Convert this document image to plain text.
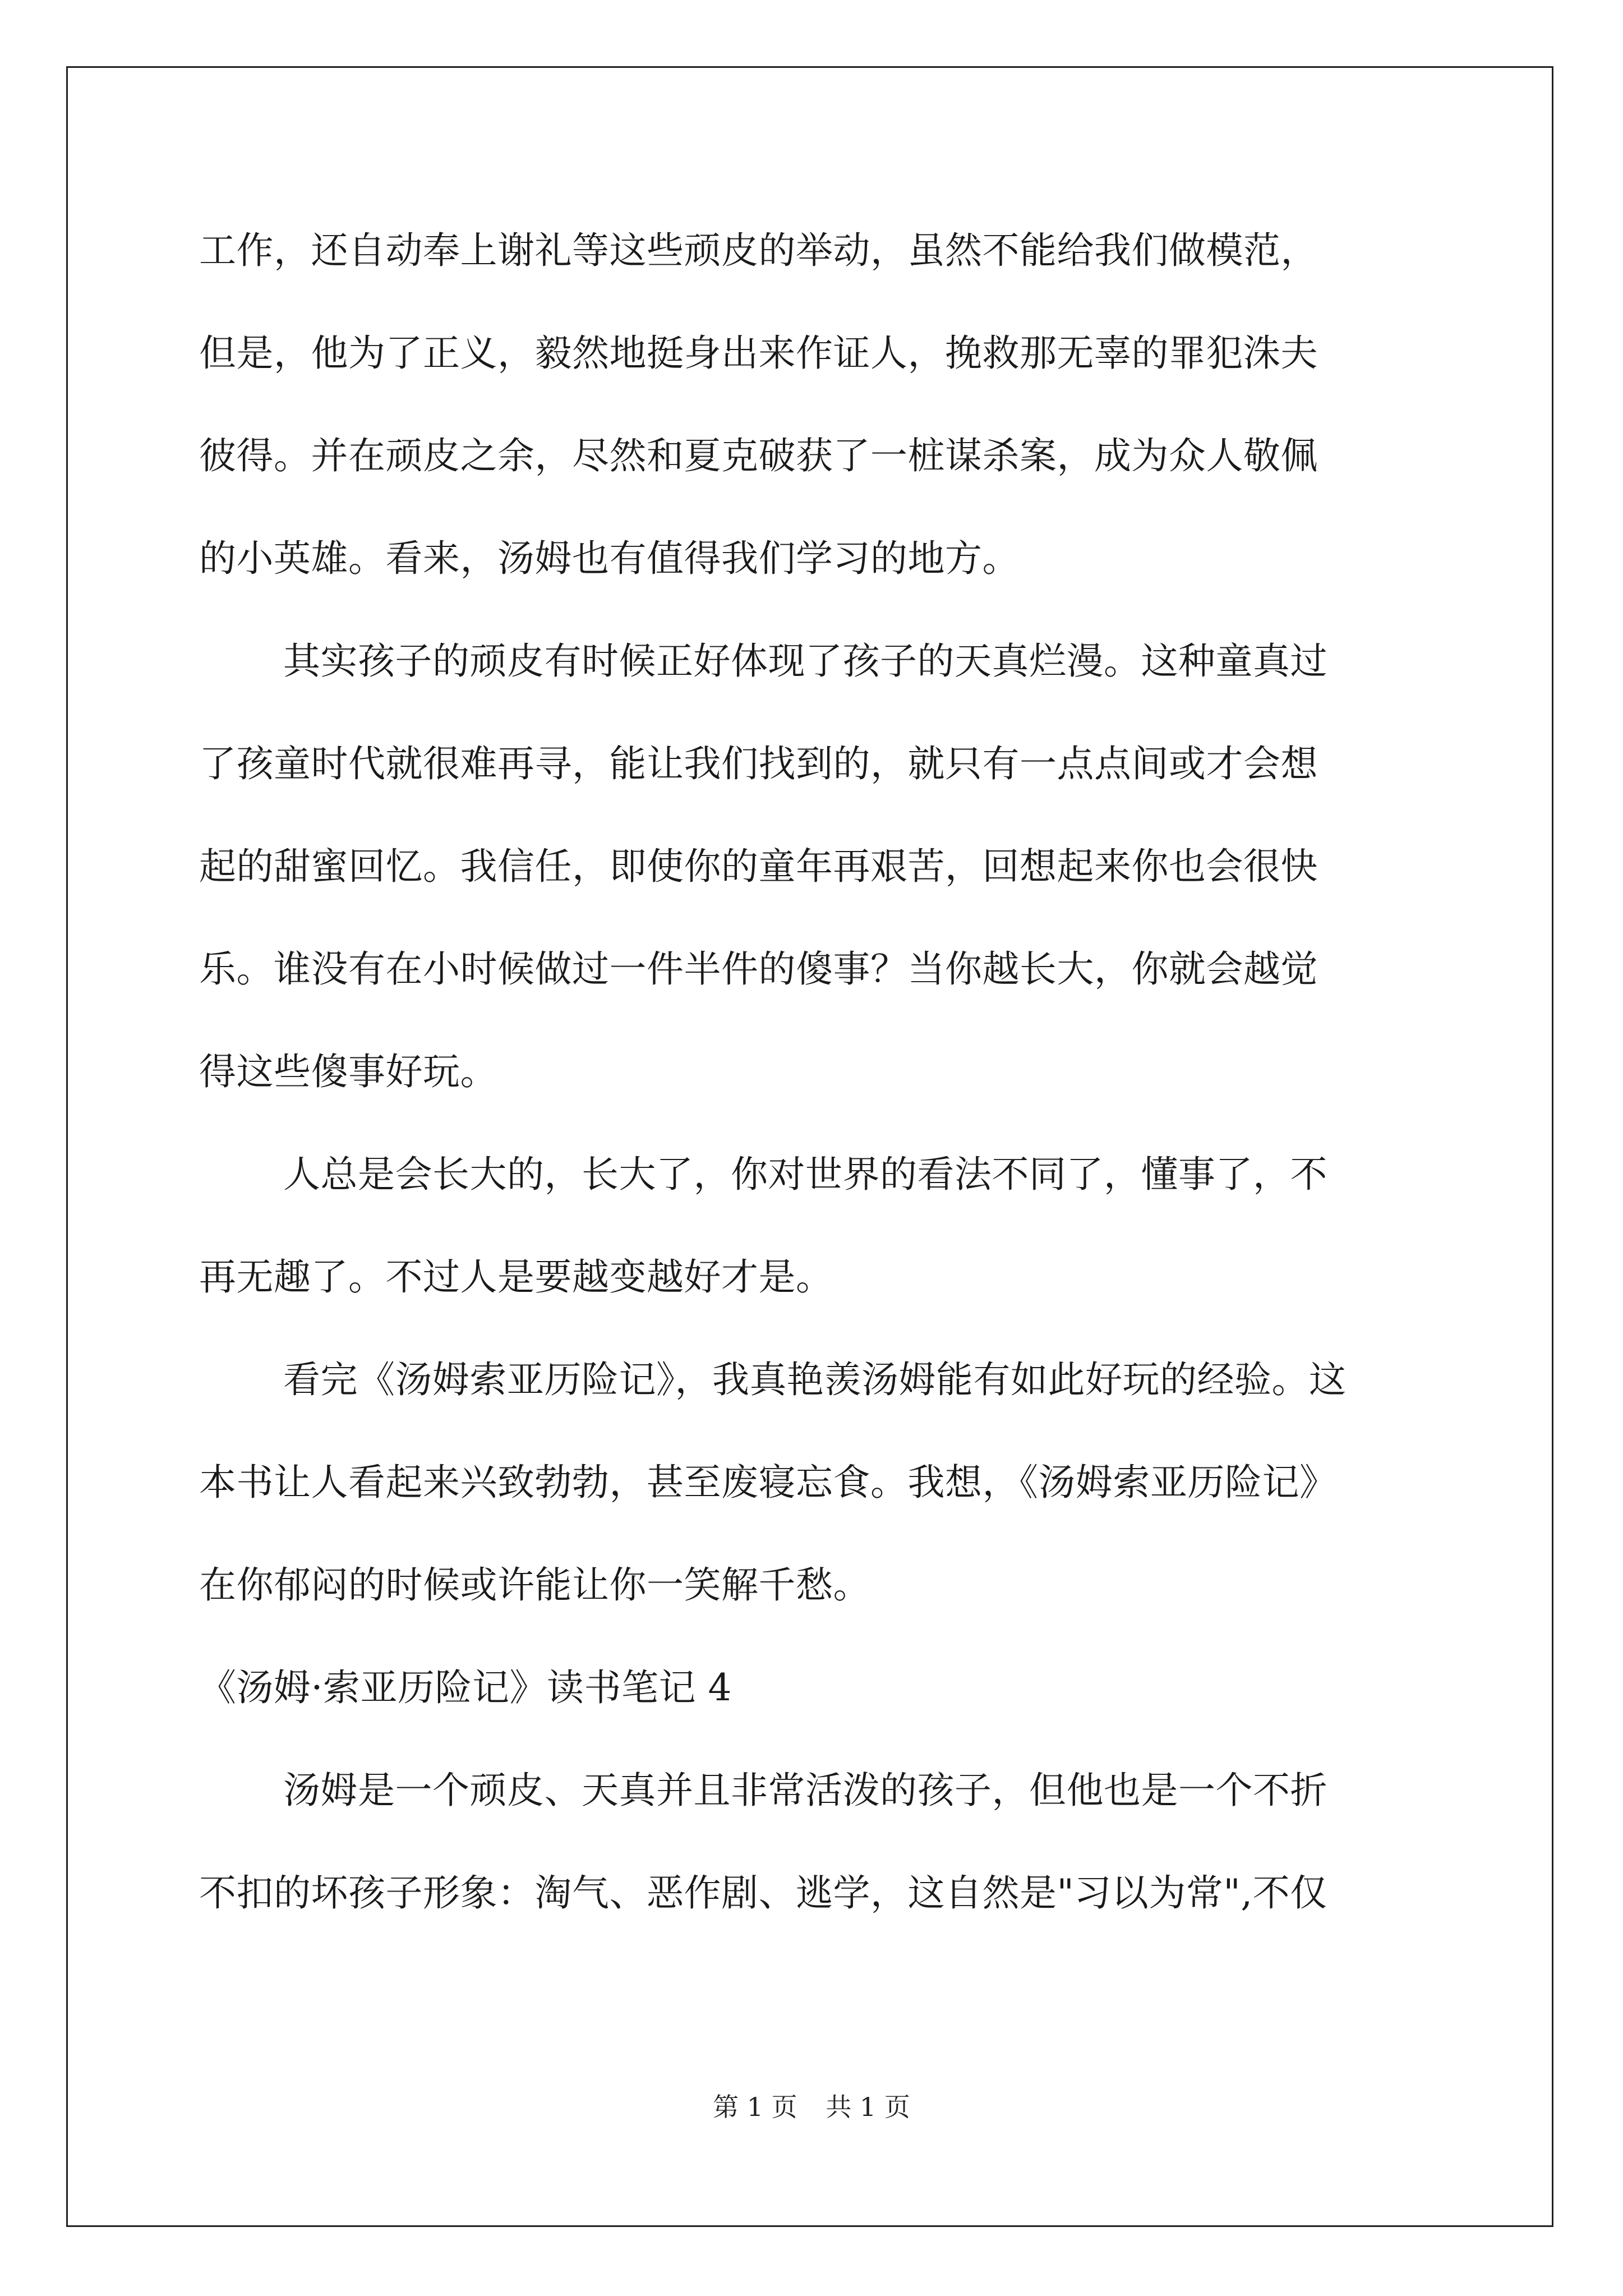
工作，还自动奉上谢礼等这些顽皮的举动，虽然不能给我们做模范，
但是，他为了正义，毅然地挺身出来作证人，挽救那无辜的罪犯洙夫
彼得。并在顽皮之余，尽然和夏克破获了一桩谋杀案，成为众人敬佩
的小英雄。看来，汤姆也有值得我们学习的地方。
其实孩子的顽皮有时候正好体现了孩子的天真烂漫。这种童真过
了孩童时代就很难再寻，能让我们找到的，就只有一点点间或才会想
起的甜蜜回忆。我信任，即使你的童年再艰苦，回想起来你也会很快
乐。谁没有在小时候做过一件半件的傻事？当你越长大，你就会越觉
得这些傻事好玩。
人总是会长大的，长大了，你对世界的看法不同了，懂事了，不
再无趣了。不过人是要越变越好才是。
看完《汤姆索亚历险记》，我真艳羡汤姆能有如此好玩的经验。这
本书让人看起来兴致勃勃，甚至废寝忘食。我想，《汤姆索亚历险记》
在你郁闷的时候或许能让你一笑解千愁。
《汤姆·索亚历险记》读书笔记 4
汤姆是一个顽皮、天真并且非常活泼的孩子，但他也是一个不折
不扣的坏孩子形象：淘气、恶作剧、逃学，这自然是"习以为常",不仅
第 1 页 共 1 页
